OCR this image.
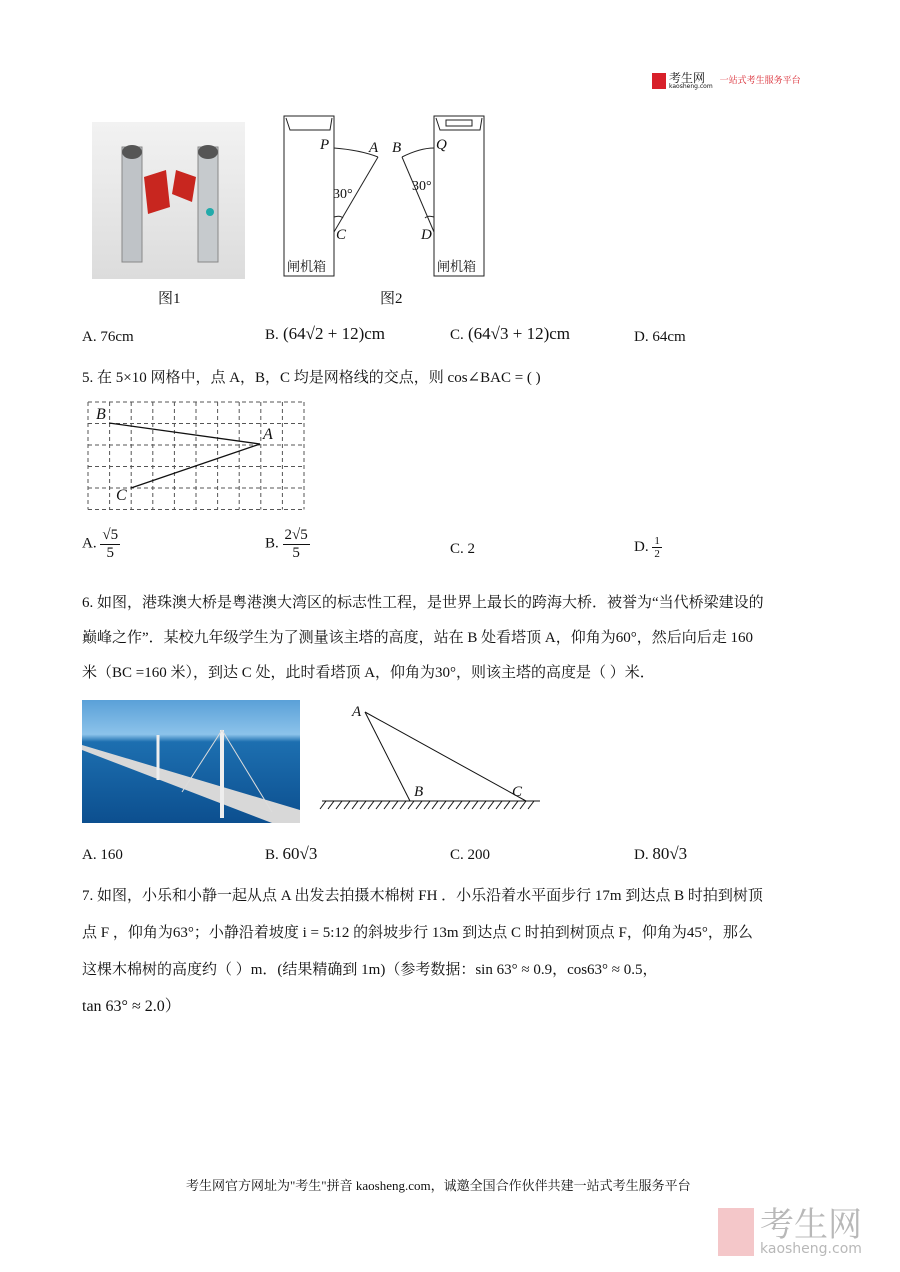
考生网
kaosheng.com
一站式考生服务平台
图1
P	A B Q
30°
30°
C	D
闸机箱	闸机箱
图2
A. 76cm	B. (64√2 + 12)cm	C. (64√3 + 12)cm	D. 64cm
5. 在 5×10 网格中，点 A，B，C 均是网格线的交点，则 cos∠BAC = ( )
B
A
C
A. $\frac{√5}{5}$	B. $\frac{2√5}{5}$	C. 2	D. $\frac{1}{2}$
6. 如图，港珠澳大桥是粤港澳大湾区的标志性工程，是世界上最长的跨海大桥．被誉为“当代桥梁建设的
巅峰之作”．某校九年级学生为了测量该主塔的高度，站在 B 处看塔顶 A，仰角为60°，然后向后走 160
米（BC =160 米），到达 C 处，此时看塔顶 A，仰角为30°，则该主塔的高度是（ ）米．
A
B	C
A. 160	B. 60√3	C. 200	D. 80√3
7. 如图，小乐和小静一起从点 A 出发去拍摄木棉树 FH ．小乐沿着水平面步行 17m 到达点 B 时拍到树顶
点 F ，仰角为63°；小静沿着坡度 i = 5:12 的斜坡步行 13m 到达点 C 时拍到树顶点 F，仰角为45°，那么
这棵木棉树的高度约（ ）m．(结果精确到 1m)（参考数据：sin 63° ≈ 0.9，cos63° ≈ 0.5，
tan 63° ≈ 2.0）
考生网官方网址为"考生"拼音 kaosheng.com，诚邀全国合作伙伴共建一站式考生服务平台
考生网
kaosheng.com
